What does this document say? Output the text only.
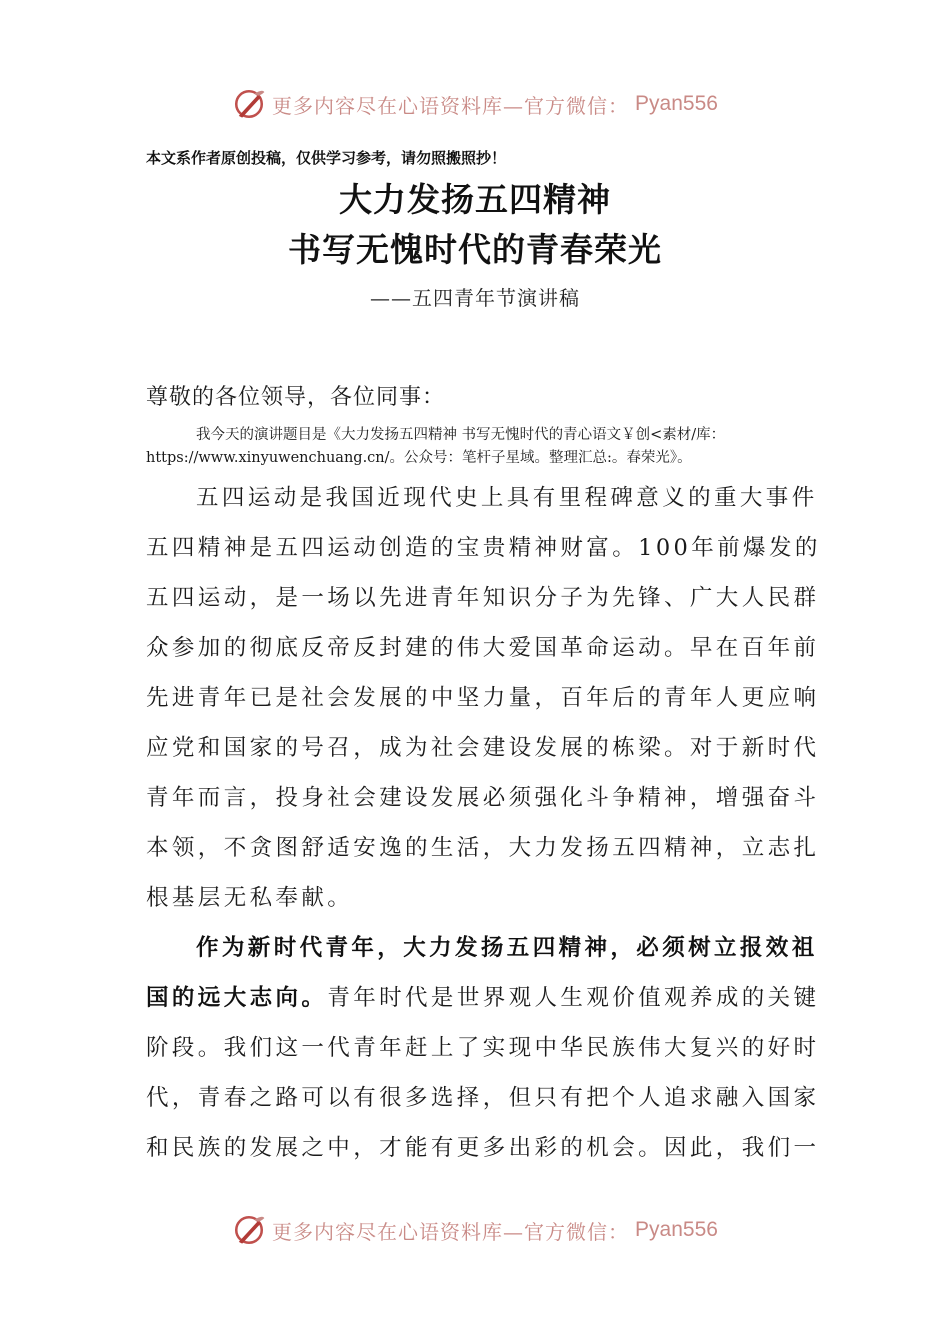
更多内容尽在心语资料库—官方微信： Pyan556
本文系作者原创投稿，仅供学习参考，请勿照搬照抄！
大力发扬五四精神
书写无愧时代的青春荣光
——五四青年节演讲稿
尊敬的各位领导，各位同事：
我今天的演讲题目是《大力发扬五四精神 书写无愧时代的青心语文￥创<素材/库：
https://www.xinyuwenchuang.cn/。公众号：笔杆子星域。整理汇总:。春荣光》。
五四运动是我国近现代史上具有里程碑意义的重大事件
五四精神是五四运动创造的宝贵精神财富。100年前爆发的
五四运动，是一场以先进青年知识分子为先锋、广大人民群
众参加的彻底反帝反封建的伟大爱国革命运动。早在百年前
先进青年已是社会发展的中坚力量，百年后的青年人更应响
应党和国家的号召，成为社会建设发展的栋梁。对于新时代
青年而言，投身社会建设发展必须强化斗争精神，增强奋斗
本领，不贪图舒适安逸的生活，大力发扬五四精神，立志扎
根基层无私奉献。
作为新时代青年，大力发扬五四精神，必须树立报效祖
国的远大志向。青年时代是世界观人生观价值观养成的关键
阶段。我们这一代青年赶上了实现中华民族伟大复兴的好时
代，青春之路可以有很多选择，但只有把个人追求融入国家
和民族的发展之中，才能有更多出彩的机会。因此，我们一
更多内容尽在心语资料库—官方微信： Pyan556
